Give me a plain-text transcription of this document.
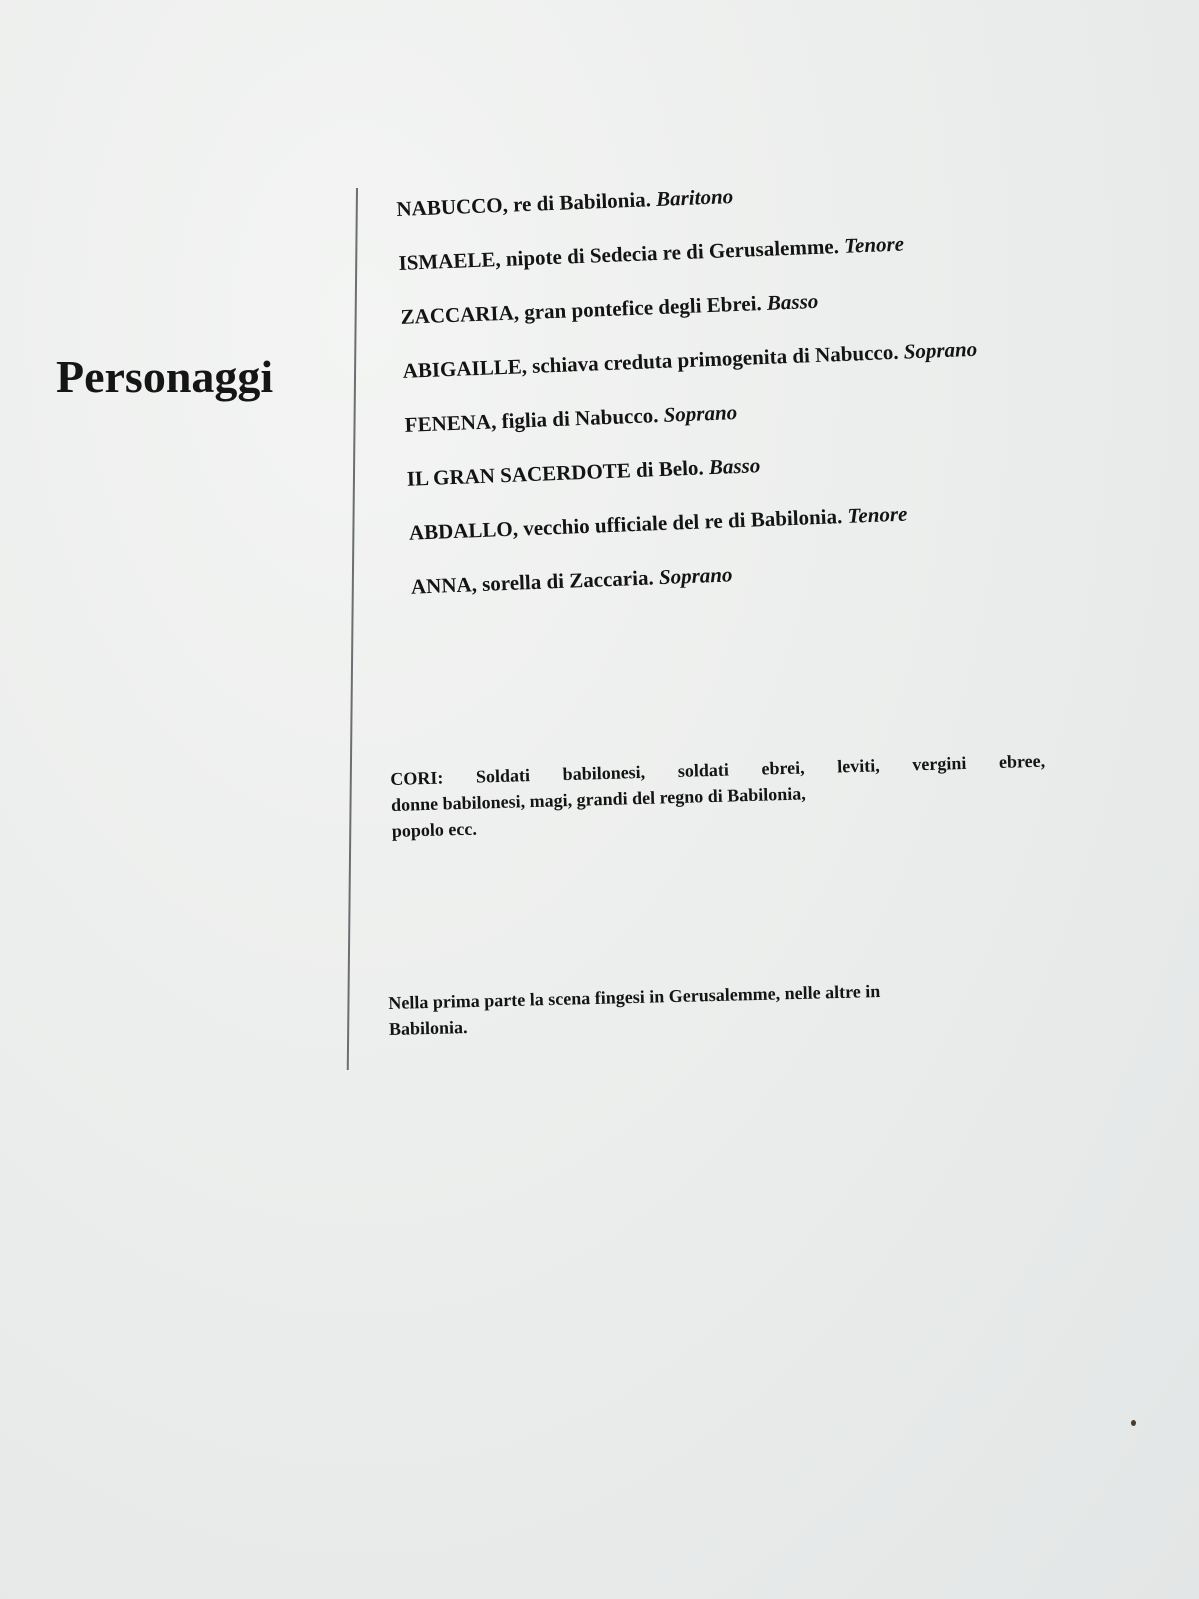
Personaggi
NABUCCO, re di Babilonia. Baritono
ISMAELE, nipote di Sedecia re di Gerusalemme. Tenore
ZACCARIA, gran pontefice degli Ebrei. Basso
ABIGAILLE, schiava creduta primogenita di Nabucco. Soprano
FENENA, figlia di Nabucco. Soprano
IL GRAN SACERDOTE di Belo. Basso
ABDALLO, vecchio ufficiale del re di Babilonia. Tenore
ANNA, sorella di Zaccaria. Soprano
CORI: Soldati babilonesi, soldati ebrei, leviti, vergini ebree,
donne babilonesi, magi, grandi del regno di Babilonia,
popolo ecc.
Nella prima parte la scena fingesi in Gerusalemme, nelle altre in
Babilonia.
